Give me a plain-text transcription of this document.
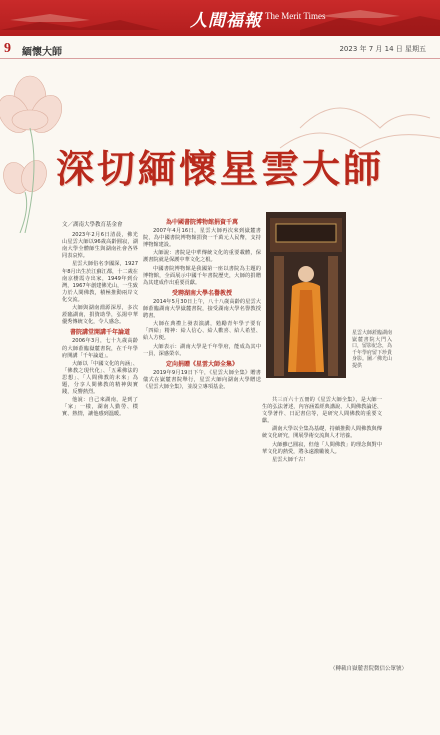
人間福報 The Merit Times
9 緬懷大師	2023 年 7 月 14 日 星期五
深切緬懷星雲大師

文／湖南大學教育基金會

2023年2月6日清晨，佛光山星雲大師以96歲高齡圓寂，湖南大學全體師生與湖南社會各界同表哀悼。

星雲大師俗名李國深，1927年8月出生於江蘇江都，十二歲在南京棲霞寺出家，1949年到台灣，1967年創建佛光山，一生致力於人間佛教，積極推動兩岸文化交流。

大師與湖南淵源深厚，多次蒞臨湖南，捐資助學，弘揚中華優秀傳統文化，令人感念。

書院講堂開講千年論道

2006年3月，七十九歲高齡的大師蒞臨嶽麓書院，在千年學府開講「千年論道」。

大師以「中國文化的內涵」、「佛教之現代化」、「五乘佛法的思想」、「人間佛教的未來」為題，分享人間佛教的精神與實踐，反響熱烈。

他說：自己來湖南，是到了「家」一樣，湖南人勤勞、樸實、熱情，讓他感到溫暖。

為中國書院博物館捐資千萬

2007年4月16日，星雲大師再次來到嶽麓書院，為中國書院博物館捐資一千萬元人民幣，支持博物館建設。

大師說：書院是中華傳統文化的重要載體，保護書院就是保護中華文化之根。

中國書院博物館是我國第一座以書院為主題的博物館，全面展示中國千年書院歷史，大師的捐贈為其建成作出重要貢獻。

受聘湖南大學名譽教授

2014年5月30日上午，八十八歲高齡的星雲大師蒞臨湖南大學嶽麓書院，接受湖南大學名譽教授聘書。

大師在典禮上發表演講，勉勵青年學子要有「四給」精神：給人信心、給人歡喜、給人希望、給人方便。

大師表示：湖南大學是千年學府，能成為其中一員，深感榮幸。

定向捐贈《星雲大師全集》

2019年9月19日下午，《星雲大師全集》贈書儀式在嶽麓書院舉行，星雲大師向湖南大學贈送《星雲大師全集》，並設立專項基金。

星雲大師蒞臨湖南嶽麓書院大門入口，留影紀念，為千年學府留下珍貴身影。圖／佛光山提供

共三百六十五冊的《星雲大師全集》，是大師一生的弘法著述，內容涵蓋經典講說、人間佛教論述、文學著作、日記書信等，是研究人間佛教的重要文獻。

湖南大學以全集為基礎，持續推動人間佛教與傳統文化研究，開展學術交流與人才培養。

大師雖已圓寂，但他「人間佛教」的理念與對中華文化的熱愛，將永遠激勵後人。

星雲大師千古！

（轉載自嶽麓書院微信公眾號）
